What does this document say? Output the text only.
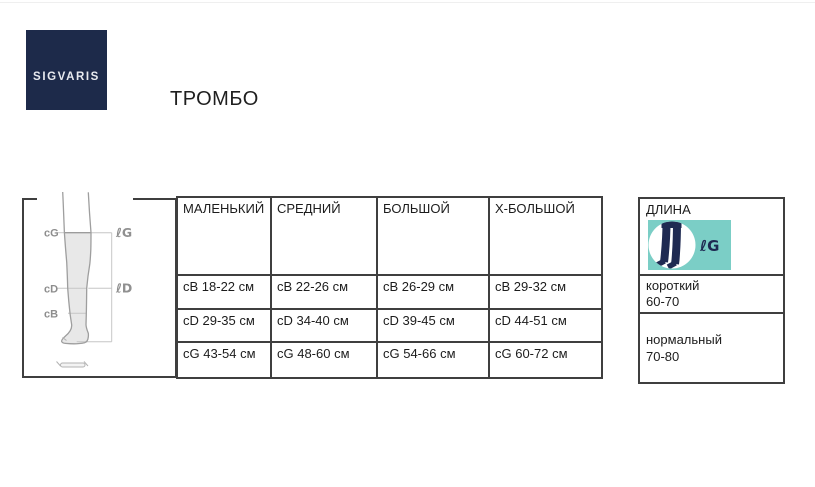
SIGVARIS
ТРОМБО
cG
cD
cB
ℓG
ℓD
МАЛЕНЬКИЙ	СРЕДНИЙ	БОЛЬШОЙ	Х-БОЛЬШОЙ
cB 18-22 см	cB 22-26 см	cB 26-29 см	cB 29-32 см
cD 29-35 см	cD 34-40 см	cD 39-45 см	cD 44-51 см
cG 43-54 см	cG 48-60 см	cG 54-66 см	cG 60-72 см
ДЛИНА
ℓG

короткий
60-70

нормальный
70-80
